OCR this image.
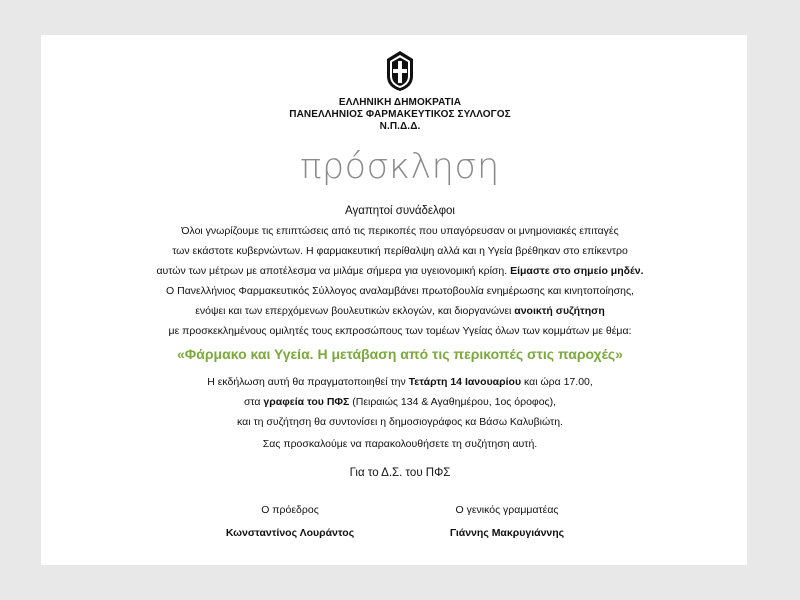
ΕΛΛΗΝΙΚΗ ΔΗΜΟΚΡΑΤΙΑ
ΠΑΝΕΛΛΗΝΙΟΣ ΦΑΡΜΑΚΕΥΤΙΚΟΣ ΣΥΛΛΟΓΟΣ
Ν.Π.Δ.Δ.
πρόσκληση
Αγαπητοί συνάδελφοι
Όλοι γνωρίζουμε τις επιπτώσεις από τις περικοπές που υπαγόρευσαν οι μνημονιακές επιταγές
των εκάστοτε κυβερνώντων. Η φαρμακευτική περίθαλψη αλλά και η Υγεία βρέθηκαν στο επίκεντρο
αυτών των μέτρων με αποτέλεσμα να μιλάμε σήμερα για υγειονομική κρίση. Είμαστε στο σημείο μηδέν.
Ο Πανελλήνιος Φαρμακευτικός Σύλλογος αναλαμβάνει πρωτοβουλία ενημέρωσης και κινητοποίησης,
ενόψει και των επερχόμενων βουλευτικών εκλογών, και διοργανώνει ανοικτή συζήτηση
με προσκεκλημένους ομιλητές τους εκπροσώπους των τομέων Υγείας όλων των κομμάτων με θέμα:
«Φάρμακο και Υγεία. Η μετάβαση από τις περικοπές στις παροχές»
Η εκδήλωση αυτή θα πραγματοποιηθεί την Τετάρτη 14 Ιανουαρίου και ώρα 17.00,
στα γραφεία του ΠΦΣ (Πειραιώς 134 & Αγαθημέρου, 1ος όροφος),
και τη συζήτηση θα συντονίσει η δημοσιογράφος κα Βάσω Καλυβιώτη.
Σας προσκαλούμε να παρακολουθήσετε τη συζήτηση αυτή.
Για το Δ.Σ. του ΠΦΣ
Ο πρόεδρος
Κωνσταντίνος Λουράντος
Ο γενικός γραμματέας
Γιάννης Μακρυγιάννης
